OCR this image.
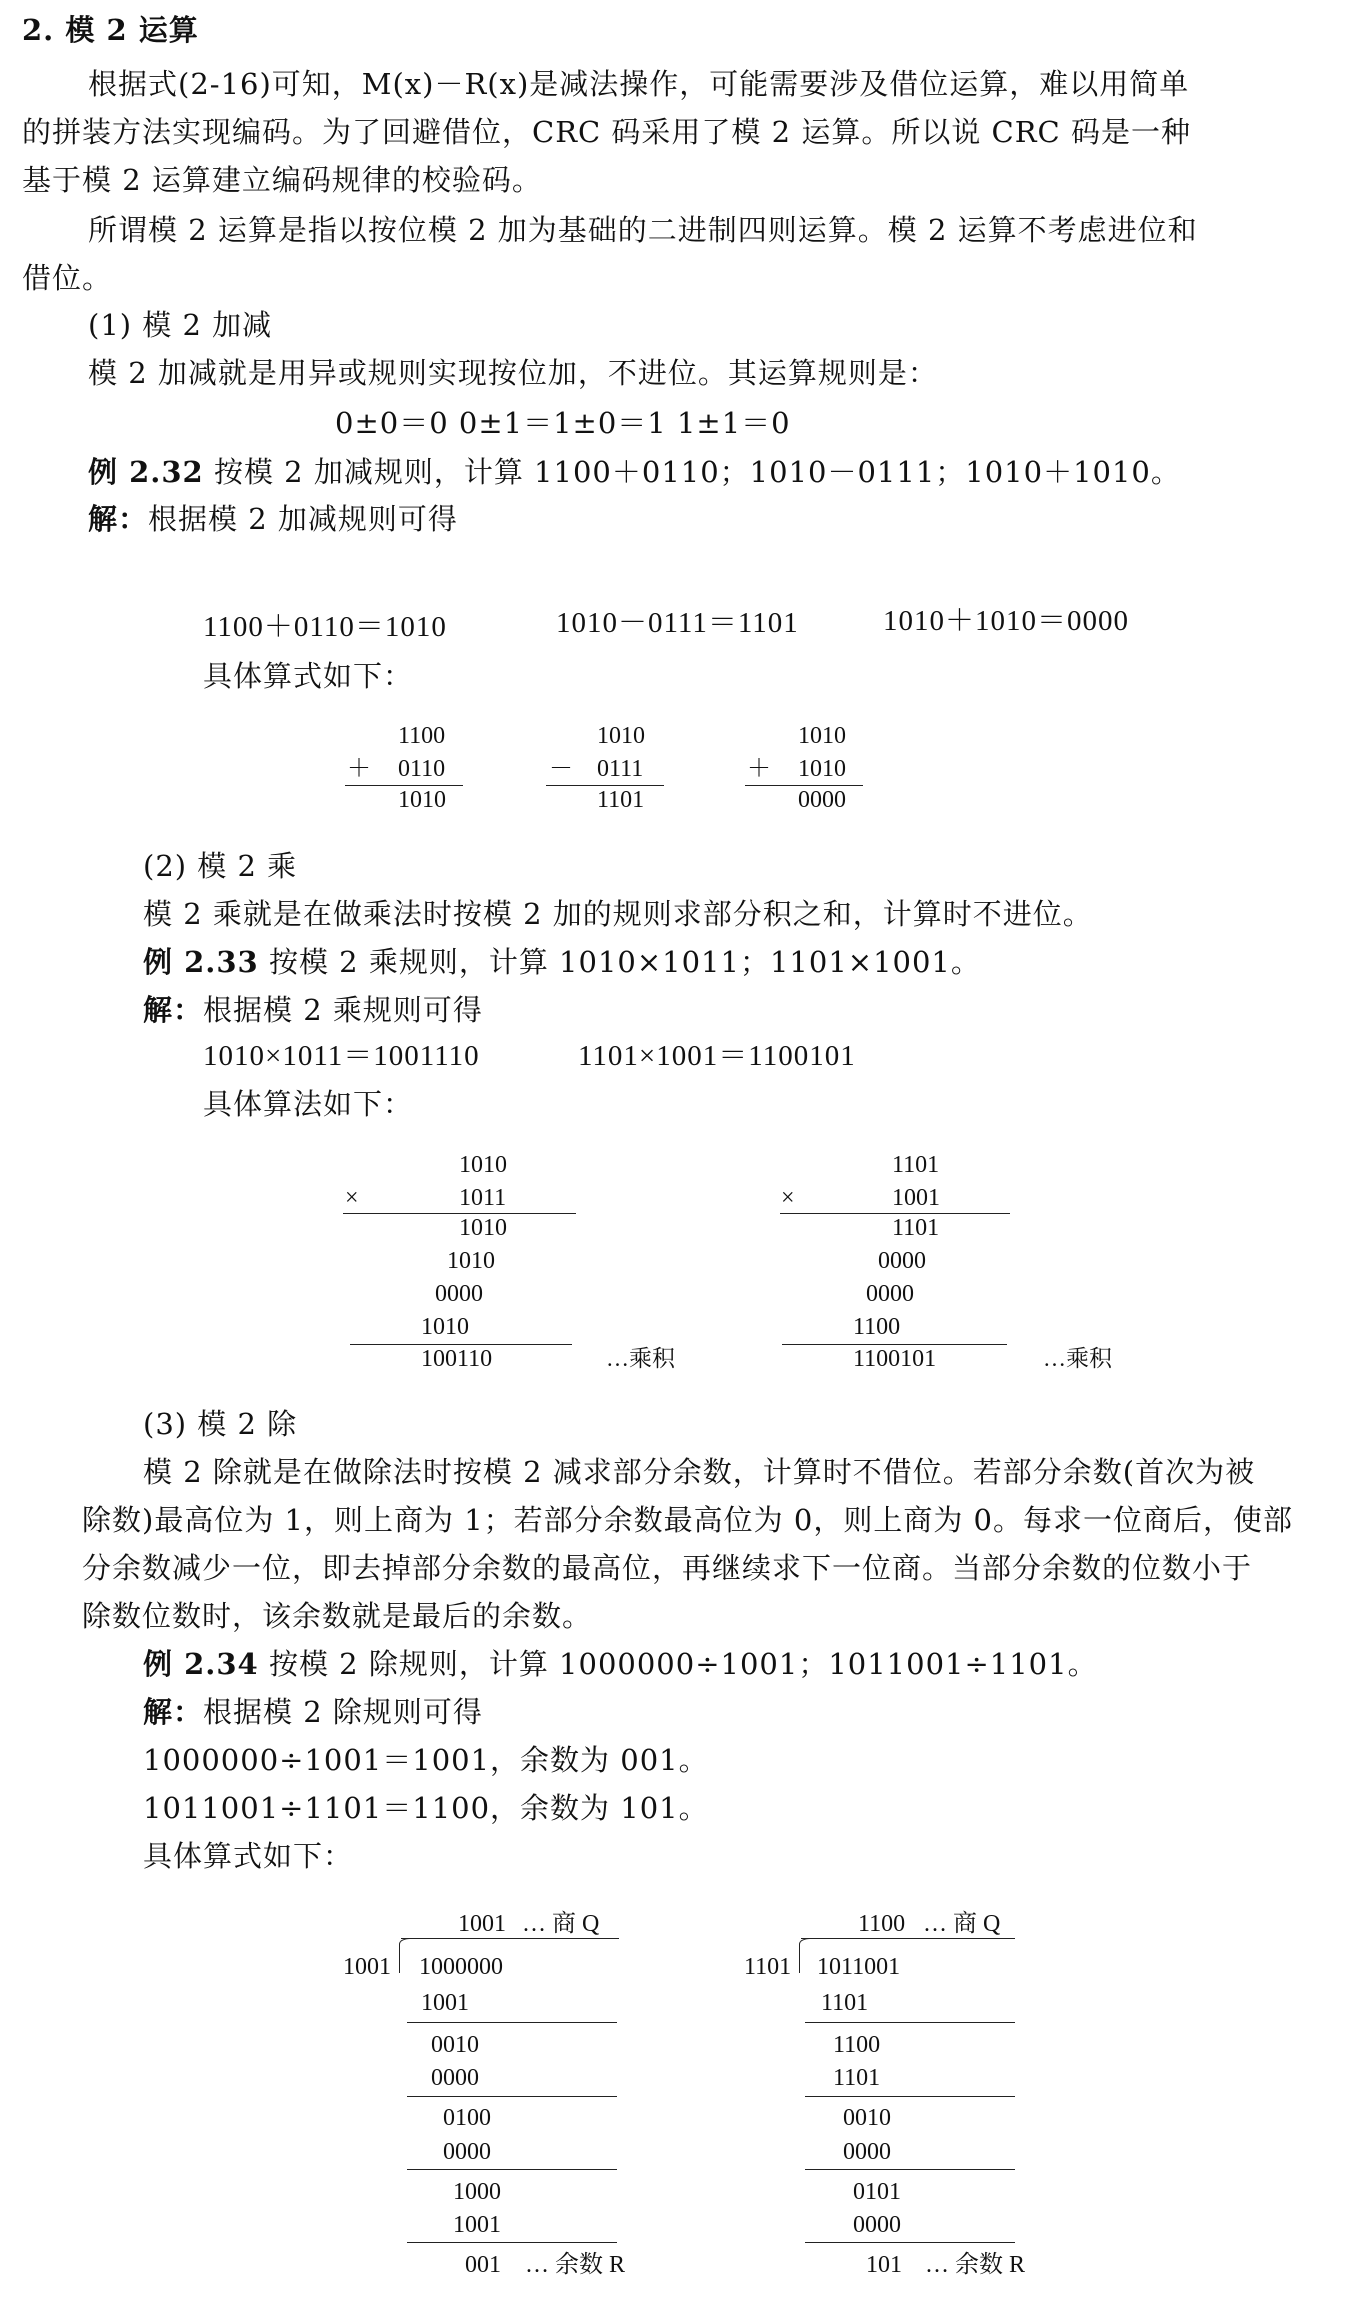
2. 模 2 运算
根据式(2-16)可知，M(x)－R(x)是减法操作，可能需要涉及借位运算，难以用简单
的拼装方法实现编码。为了回避借位，CRC 码采用了模 2 运算。所以说 CRC 码是一种
基于模 2 运算建立编码规律的校验码。
所谓模 2 运算是指以按位模 2 加为基础的二进制四则运算。模 2 运算不考虑进位和
借位。
(1) 模 2 加减
模 2 加减就是用异或规则实现按位加，不进位。其运算规则是：
0±0＝0 0±1＝1±0＝1 1±1＝0
例 2.32 按模 2 加减规则，计算 1100＋0110；1010－0111；1010＋1010。
解：根据模 2 加减规则可得
1100＋0110＝1010	1010－0111＝1101	1010＋1010＝0000
具体算式如下：
1100
＋ 0110
1010
1010
－ 0111
1101
1010
＋ 1010
0000
(2) 模 2 乘
模 2 乘就是在做乘法时按模 2 加的规则求部分积之和，计算时不进位。
例 2.33 按模 2 乘规则，计算 1010×1011；1101×1001。
解：根据模 2 乘规则可得
1010×1011＝1001110	1101×1001＝1100101
具体算法如下：
1010
×	1011
1010
1010
0000
1010
100110	…乘积
1101
×	1001
1101
0000
0000
1100
1100101	…乘积
(3) 模 2 除
模 2 除就是在做除法时按模 2 减求部分余数，计算时不借位。若部分余数(首次为被
除数)最高位为 1，则上商为 1；若部分余数最高位为 0，则上商为 0。每求一位商后，使部
分余数减少一位，即去掉部分余数的最高位，再继续求下一位商。当部分余数的位数小于
除数位数时，该余数就是最后的余数。
例 2.34 按模 2 除规则，计算 1000000÷1001；1011001÷1101。
解：根据模 2 除规则可得
1000000÷1001＝1001，余数为 001。
1011001÷1101＝1100，余数为 101。
具体算式如下：
1001 … 商 Q
1001 1000000
1001
0010
0000
0100
0000
1000
1001
001 … 余数 R
1100 … 商 Q
1101 1011001
1101
1100
1101
0010
0000
0101
0000
101 … 余数 R
